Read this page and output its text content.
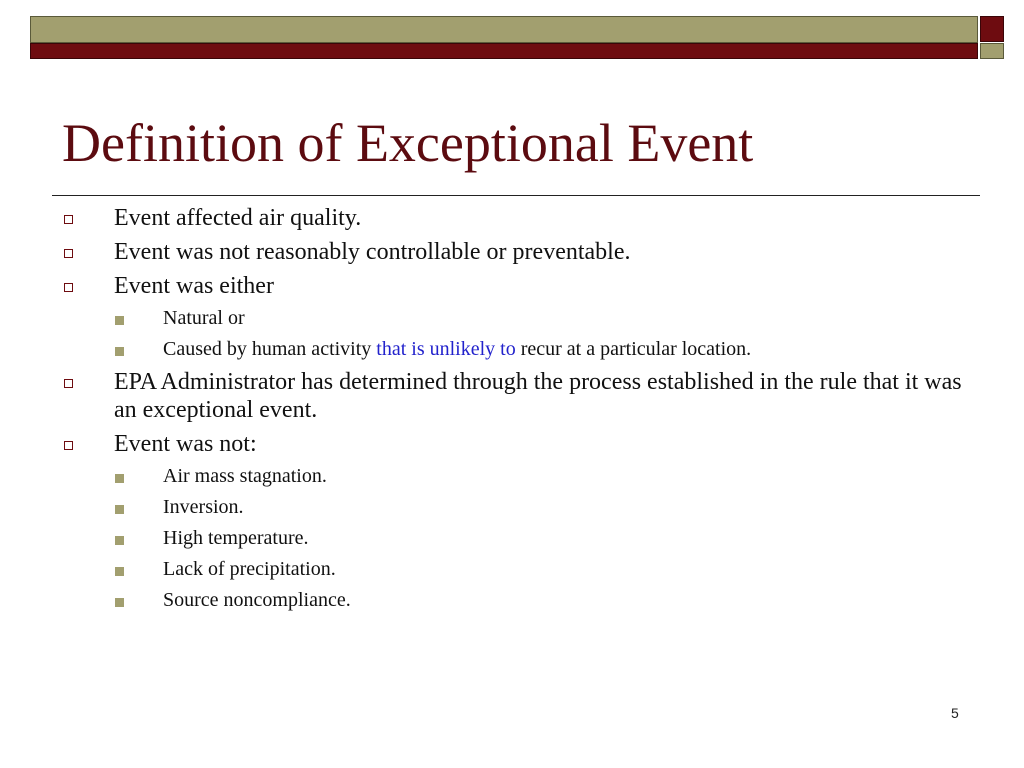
Definition of Exceptional Event
Event affected air quality.
Event was not reasonably controllable or preventable.
Event was either
Natural or
Caused by human activity that is unlikely to recur at a particular location.
EPA Administrator has determined through the process established in the rule that it was an exceptional event.
Event was not:
Air mass stagnation.
Inversion.
High temperature.
Lack of precipitation.
Source noncompliance.
5
